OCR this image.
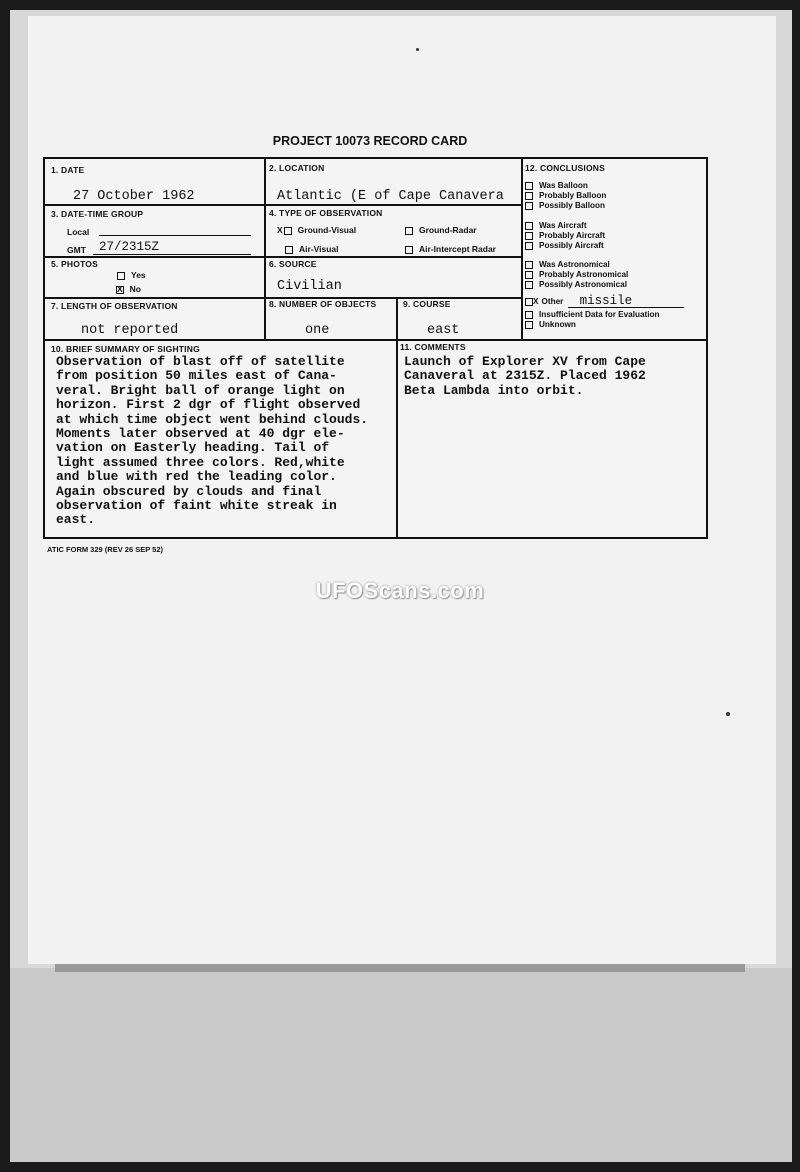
PROJECT 10073 RECORD CARD
1. DATE
27 October 1962
2. LOCATION
Atlantic (E of Cape Canavera
3. DATE-TIME GROUP
Local
GMT 27/2315Z
4. TYPE OF OBSERVATION
X Ground-Visual	Ground-Radar
Air-Visual	Air-Intercept Radar
5. PHOTOS
Yes
X No
6. SOURCE
Civilian
7. LENGTH OF OBSERVATION
not reported
8. NUMBER OF OBJECTS
one
9. COURSE
east
10. BRIEF SUMMARY OF SIGHTING
Observation of blast off of satellite
from position 50 miles east of Cana-
veral. Bright ball of orange light on
horizon. First 2 dgr of flight observed
at which time object went behind clouds.
Moments later observed at 40 dgr ele-
vation on Easterly heading. Tail of
light assumed three colors. Red,white
and blue with red the leading color.
Again obscured by clouds and final
observation of faint white streak in
east.
11. COMMENTS
Launch of Explorer XV from Cape
Canaveral at 2315Z. Placed 1962
Beta Lambda into orbit.
12. CONCLUSIONS
Was Balloon
Probably Balloon
Possibly Balloon
Was Aircraft
Probably Aircraft
Possibly Aircraft
Was Astronomical
Probably Astronomical
Possibly Astronomical
X Other missile
Insufficient Data for Evaluation
Unknown
ATIC FORM 329 (REV 26 SEP 52)
UFOScans.com
